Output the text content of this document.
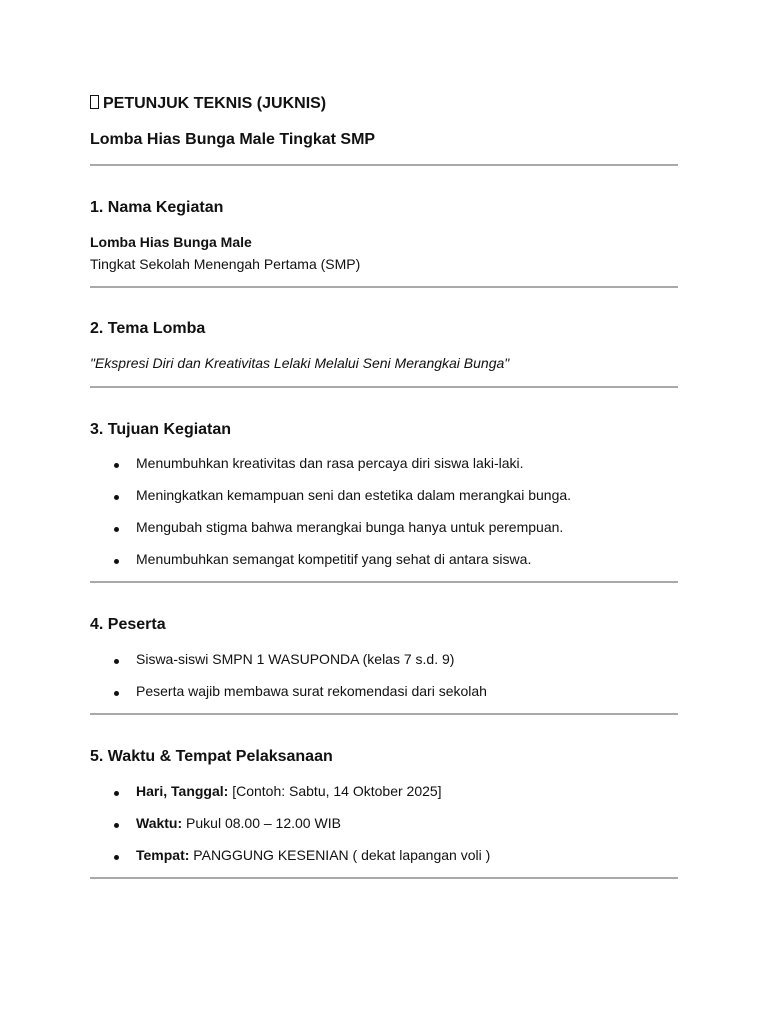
PETUNJUK TEKNIS (JUKNIS)
Lomba Hias Bunga Male Tingkat SMP
1. Nama Kegiatan
Lomba Hias Bunga Male
Tingkat Sekolah Menengah Pertama (SMP)
2. Tema Lomba
"Ekspresi Diri dan Kreativitas Lelaki Melalui Seni Merangkai Bunga"
3. Tujuan Kegiatan
Menumbuhkan kreativitas dan rasa percaya diri siswa laki-laki.
Meningkatkan kemampuan seni dan estetika dalam merangkai bunga.
Mengubah stigma bahwa merangkai bunga hanya untuk perempuan.
Menumbuhkan semangat kompetitif yang sehat di antara siswa.
4. Peserta
Siswa-siswi SMPN 1 WASUPONDA (kelas 7 s.d. 9)
Peserta wajib membawa surat rekomendasi dari sekolah
5. Waktu & Tempat Pelaksanaan
Hari, Tanggal: [Contoh: Sabtu, 14 Oktober 2025]
Waktu: Pukul 08.00 – 12.00 WIB
Tempat: PANGGUNG KESENIAN ( dekat lapangan voli )
